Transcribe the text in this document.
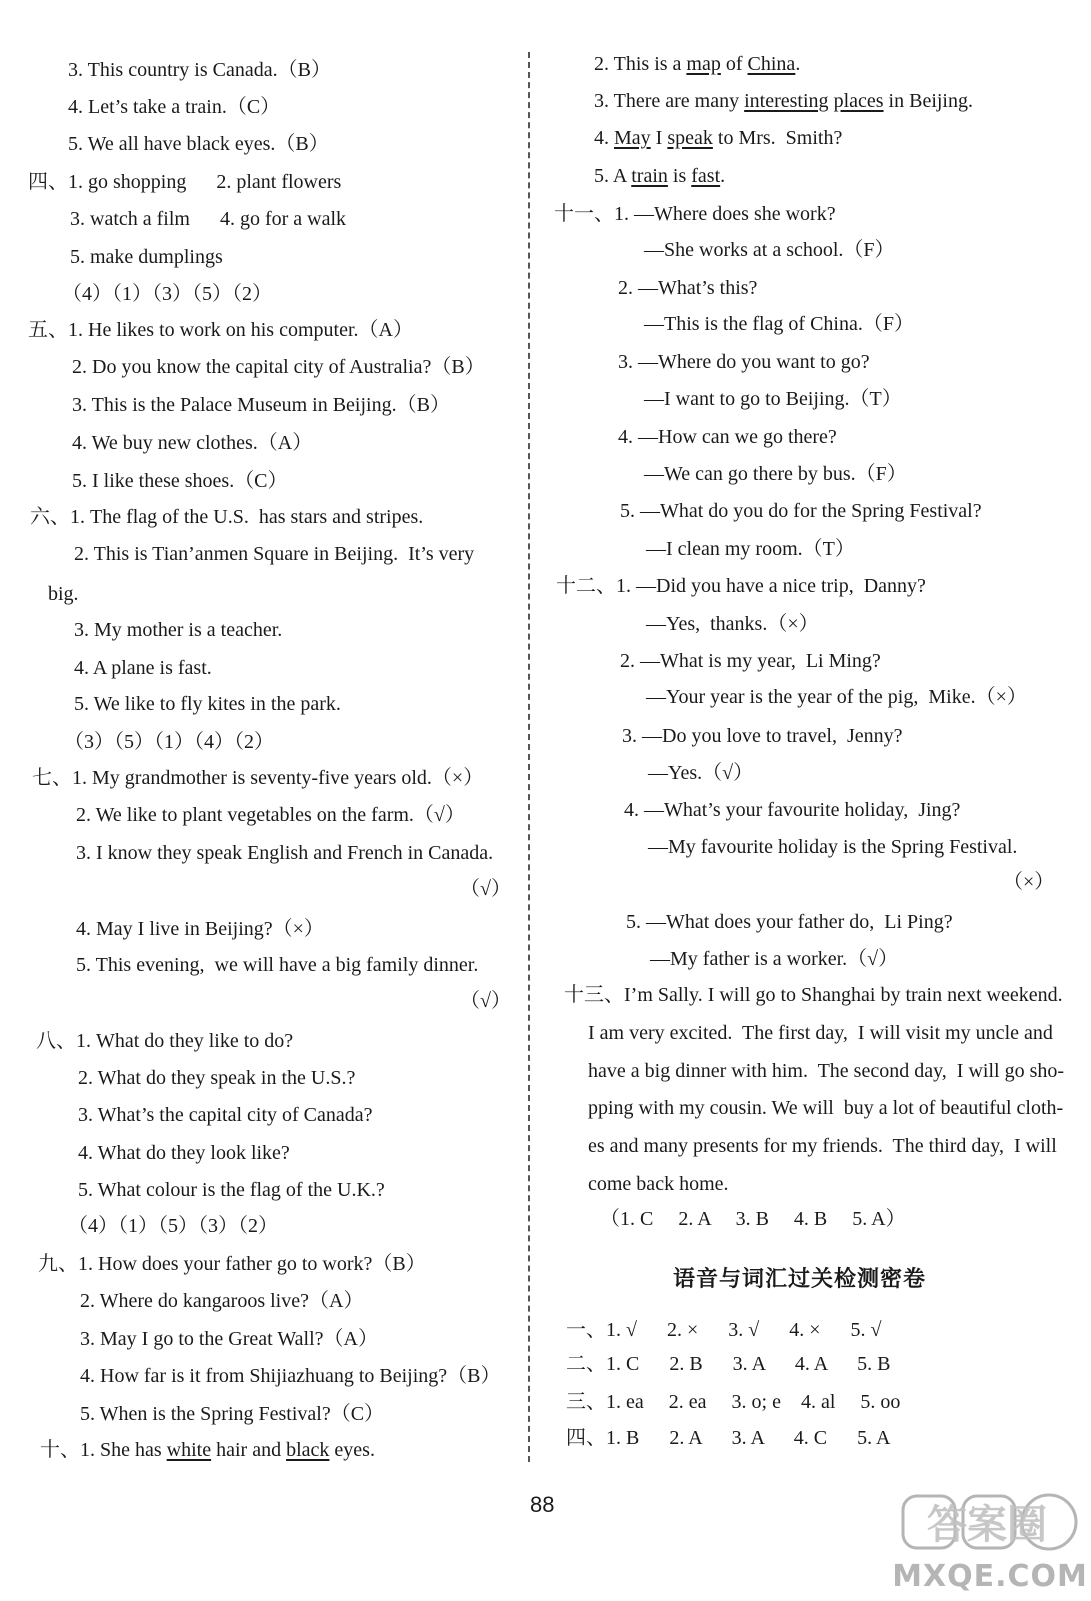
3. This country is Canada.（B）
4. Let’s take a train.（C）
5. We all have black eyes.（B）
四、1. go shopping      2. plant flowers
3. watch a film      4. go for a walk
5. make dumplings
（4）（1）（3）（5）（2）
五、1. He likes to work on his computer.（A）
2. Do you know the capital city of Australia?（B）
3. This is the Palace Museum in Beijing.（B）
4. We buy new clothes.（A）
5. I like these shoes.（C）
六、1. The flag of the U.S.  has stars and stripes.
2. This is Tian’anmen Square in Beijing.  It’s very
big.
3. My mother is a teacher.
4. A plane is fast.
5. We like to fly kites in the park.
（3）（5）（1）（4）（2）
七、1. My grandmother is seventy-five years old.（×）
2. We like to plant vegetables on the farm.（√）
3. I know they speak English and French in Canada.
（√）
4. May I live in Beijing?（×）
5. This evening,  we will have a big family dinner.
（√）
八、1. What do they like to do?
2. What do they speak in the U.S.?
3. What’s the capital city of Canada?
4. What do they look like?
5. What colour is the flag of the U.K.?
（4）（1）（5）（3）（2）
九、1. How does your father go to work?（B）
2. Where do kangaroos live?（A）
3. May I go to the Great Wall?（A）
4. How far is it from Shijiazhuang to Beijing?（B）
5. When is the Spring Festival?（C）
十、1. She has white hair and black eyes.
语音与词汇过关检测密卷
2. This is a map of China.
3. There are many interesting places in Beijing.
4. May I speak to Mrs.  Smith?
5. A train is fast.
十一、1. —Where does she work?
—She works at a school.（F）
2. —What’s this?
—This is the flag of China.（F）
3. —Where do you want to go?
—I want to go to Beijing.（T）
4. —How can we go there?
—We can go there by bus.（F）
5. —What do you do for the Spring Festival?
—I clean my room.（T）
十二、1. —Did you have a nice trip,  Danny?
—Yes,  thanks.（×）
2. —What is my year,  Li Ming?
—Your year is the year of the pig,  Mike.（×）
3. —Do you love to travel,  Jenny?
—Yes.（√）
4. —What’s your favourite holiday,  Jing?
—My favourite holiday is the Spring Festival.
（×）
5. —What does your father do,  Li Ping?
—My father is a worker.（√）
十三、I’m Sally. I will go to Shanghai by train next weekend.
I am very excited.  The first day,  I will visit my uncle and
have a big dinner with him.  The second day,  I will go sho-
pping with my cousin. We will  buy a lot of beautiful cloth-
es and many presents for my friends.  The third day,  I will
come back home.
（1. C     2. A     3. B     4. B     5. A）
一、1. √      2. ×      3. √      4. ×      5. √
二、1. C      2. B      3. A      4. A      5. B
三、1. ea     2. ea     3. o; e    4. al     5. oo
四、1. B      2. A      3. A      4. C      5. A
88	答案圈
MXQE.COM
